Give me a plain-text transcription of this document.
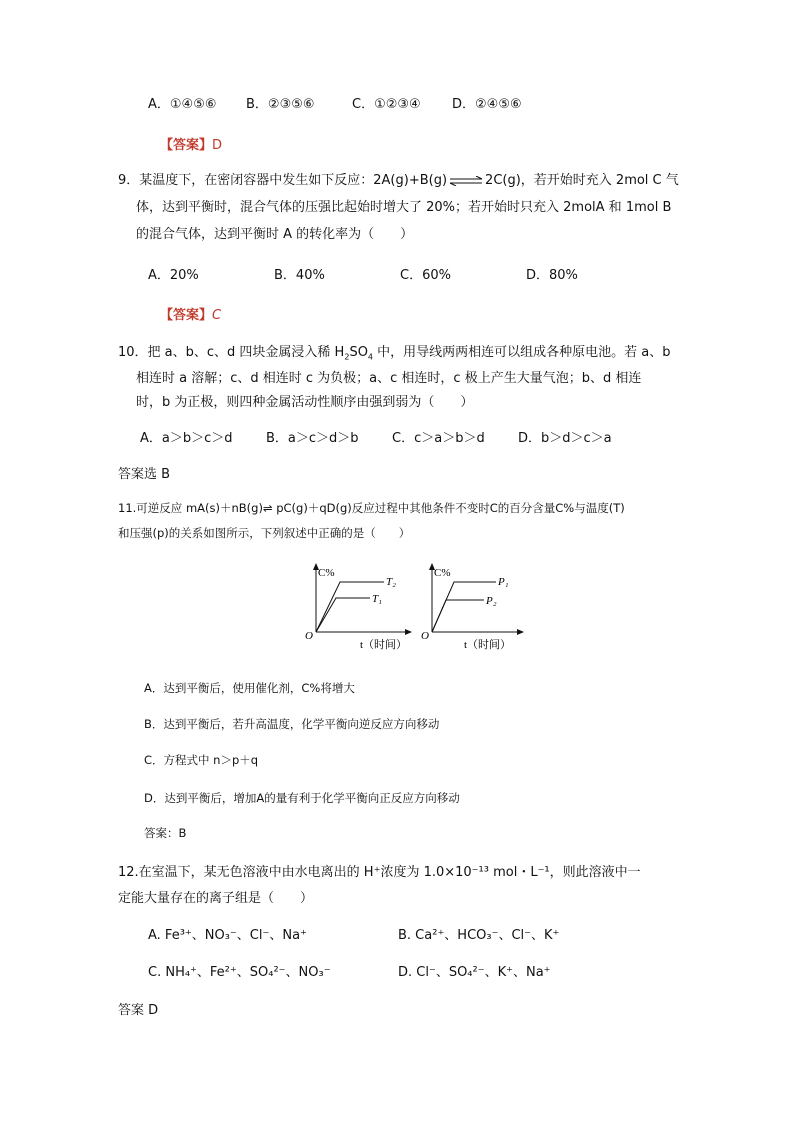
A．①④⑤⑥ B．②③⑤⑥	C．①②③④ D．②④⑤⑥
【答案】D
9．某温度下，在密闭容器中发生如下反应：2A(g)+B(g)⇌2C(g)，若开始时充入 2mol C 气
体，达到平衡时，混合气体的压强比起始时增大了 20%；若开始时只充入 2molA 和 1mol B
的混合气体，达到平衡时 A 的转化率为（　　）
A．20%	B．40%	C．60%	D．80%
【答案】C
10．把 a、b、c、d 四块金属浸入稀 $H_2SO_4$ 中，用导线两两相连可以组成各种原电池。若 a、b
相连时 a 溶解；c、d 相连时 c 为负极；a、c 相连时，c 极上产生大量气泡；b、d 相连
时，b 为正极，则四种金属活动性顺序由强到弱为（　　）
A．a＞b＞c＞d	B．a＞c＞d＞b	C．c＞a＞b＞d	D．b＞d＞c＞a
答案选 B
11.可逆反应 mA(s)＋nB(g)⇌ pC(g)＋qD(g)反应过程中其他条件不变时C的百分含量C%与温度(T)
和压强(p)的关系如图所示，下列叙述中正确的是（　　）
C%
O
T₂
T₁
t（时间）
C%
O
P₁
P₂
t（时间）
A．达到平衡后，使用催化剂，C%将增大
B．达到平衡后，若升高温度，化学平衡向逆反应方向移动
C．方程式中 n＞p＋q
D．达到平衡后，增加A的量有利于化学平衡向正反应方向移动
答案：B
12.在室温下，某无色溶液中由水电离出的 H⁺浓度为 1.0×10⁻¹³ mol・L⁻¹，则此溶液中一
定能大量存在的离子组是（　　）
A. Fe³⁺、NO₃⁻、Cl⁻、Na⁺	B. Ca²⁺、HCO₃⁻、Cl⁻、K⁺
C. NH₄⁺、Fe²⁺、SO₄²⁻、NO₃⁻	D. Cl⁻、SO₄²⁻、K⁺、Na⁺
答案 D
